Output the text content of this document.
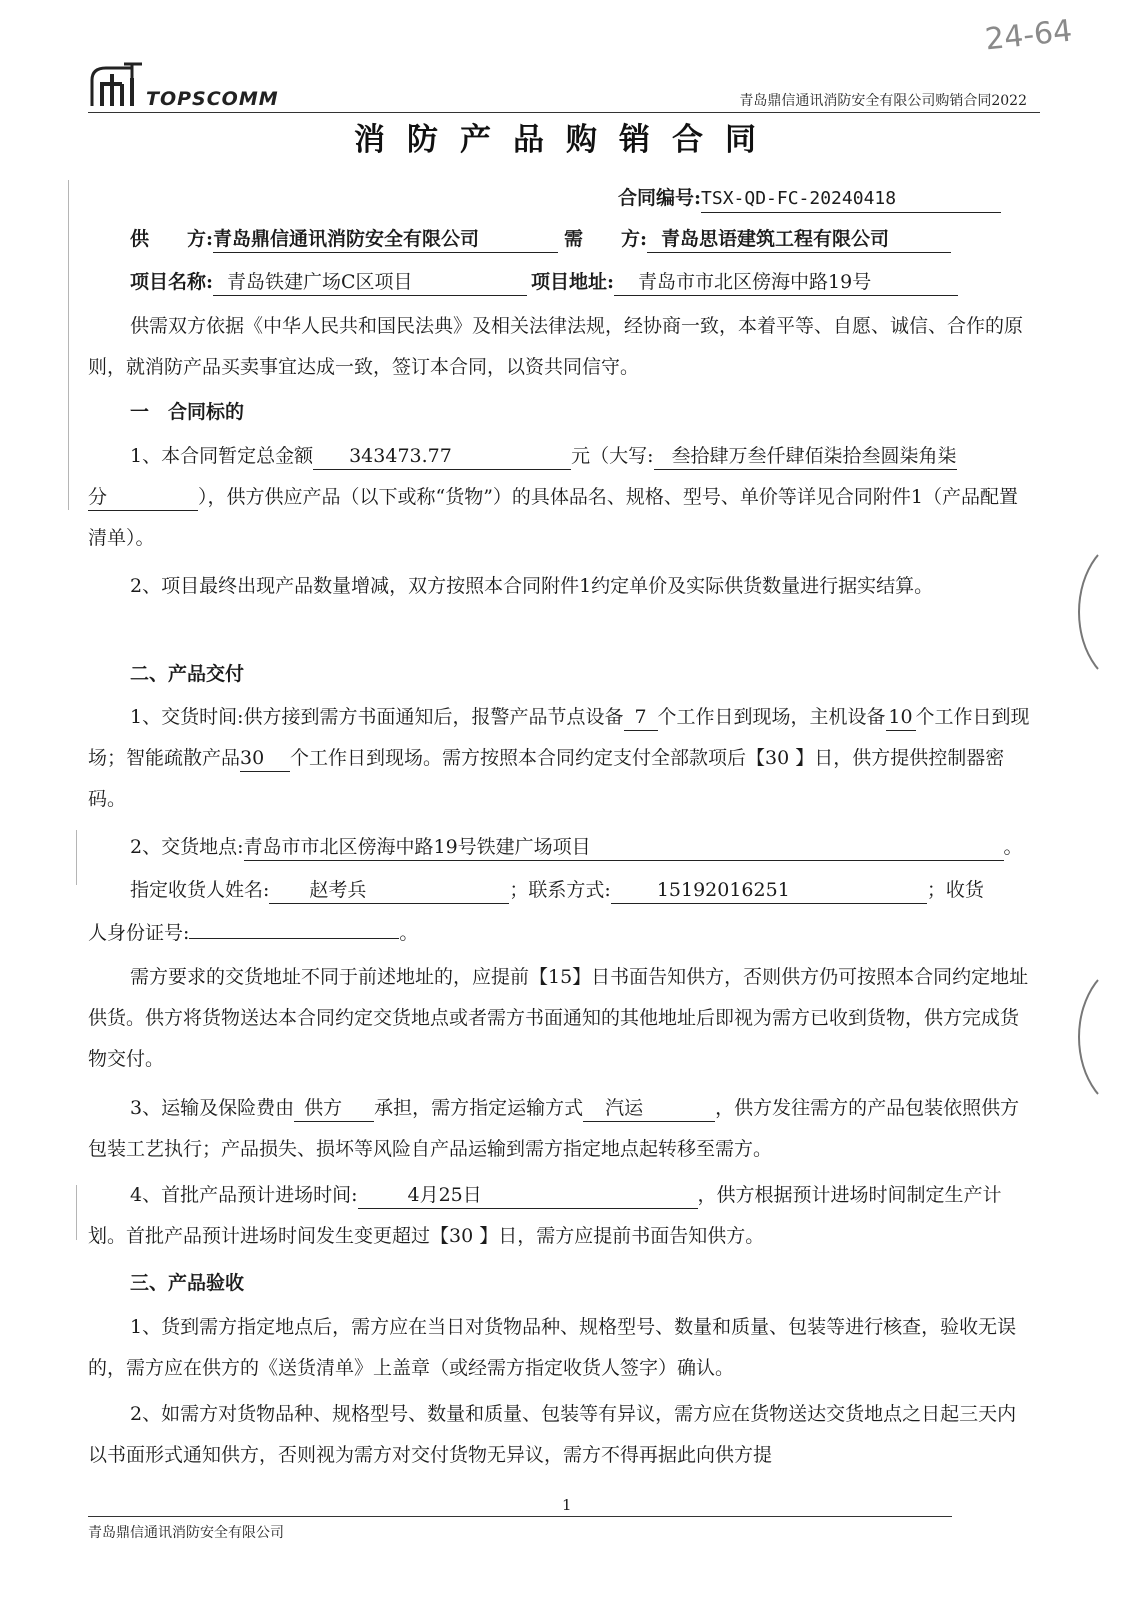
TOPSCOMM
24-64
青岛鼎信通讯消防安全有限公司购销合同2022
消防产品购销合同
合同编号:TSX-QD-FC-20240418
供　　方:青岛鼎信通讯消防安全有限公司	需　　方: 青岛思语建筑工程有限公司
项目名称: 青岛铁建广场C区项目	项目地址: 青岛市市北区傍海中路19号
供需双方依据《中华人民共和国民法典》及相关法律法规，经协商一致，本着平等、自愿、诚信、合作的原则，就消防产品买卖事宜达成一致，签订本合同，以资共同信守。
一　合同标的
1、本合同暂定总金额 343473.77	元（大写: 叁拾肆万叁仟肆佰柒拾叁圆柒角柒
分	），供方供应产品（以下或称“货物”）的具体品名、规格、型号、单价等详见合同附件1（产品配置清单）。
2、项目最终出现产品数量增减，双方按照本合同附件1约定单价及实际供货数量进行据实结算。
二、产品交付
1、交货时间:供方接到需方书面通知后，报警产品节点设备 7 个工作日到现场，主机设备 10 个工作日到现场；智能疏散产品30 个工作日到现场。需方按照本合同约定支付全部款项后【30 】日，供方提供控制器密码。
2、交货地点:青岛市市北区傍海中路19号铁建广场项目	。
指定收货人姓名: 赵考兵	；联系方式: 15192016251	；收货
人身份证号:	。
需方要求的交货地址不同于前述地址的，应提前【15】日书面告知供方，否则供方仍可按照本合同约定地址供货。供方将货物送达本合同约定交货地点或者需方书面通知的其他地址后即视为需方已收到货物，供方完成货物交付。
3、运输及保险费由 供方 承担，需方指定运输方式 汽运	，供方发往需方的产品包装依照供方包装工艺执行；产品损失、损坏等风险自产品运输到需方指定地点起转移至需方。
4、首批产品预计进场时间:	4月25日	，供方根据预计进场时间制定生产计划。首批产品预计进场时间发生变更超过【30 】日，需方应提前书面告知供方。
三、产品验收
1、货到需方指定地点后，需方应在当日对货物品种、规格型号、数量和质量、包装等进行核查，验收无误的，需方应在供方的《送货清单》上盖章（或经需方指定收货人签字）确认。
2、如需方对货物品种、规格型号、数量和质量、包装等有异议，需方应在货物送达交货地点之日起三天内以书面形式通知供方，否则视为需方对交付货物无异议，需方不得再据此向供方提
1
青岛鼎信通讯消防安全有限公司
